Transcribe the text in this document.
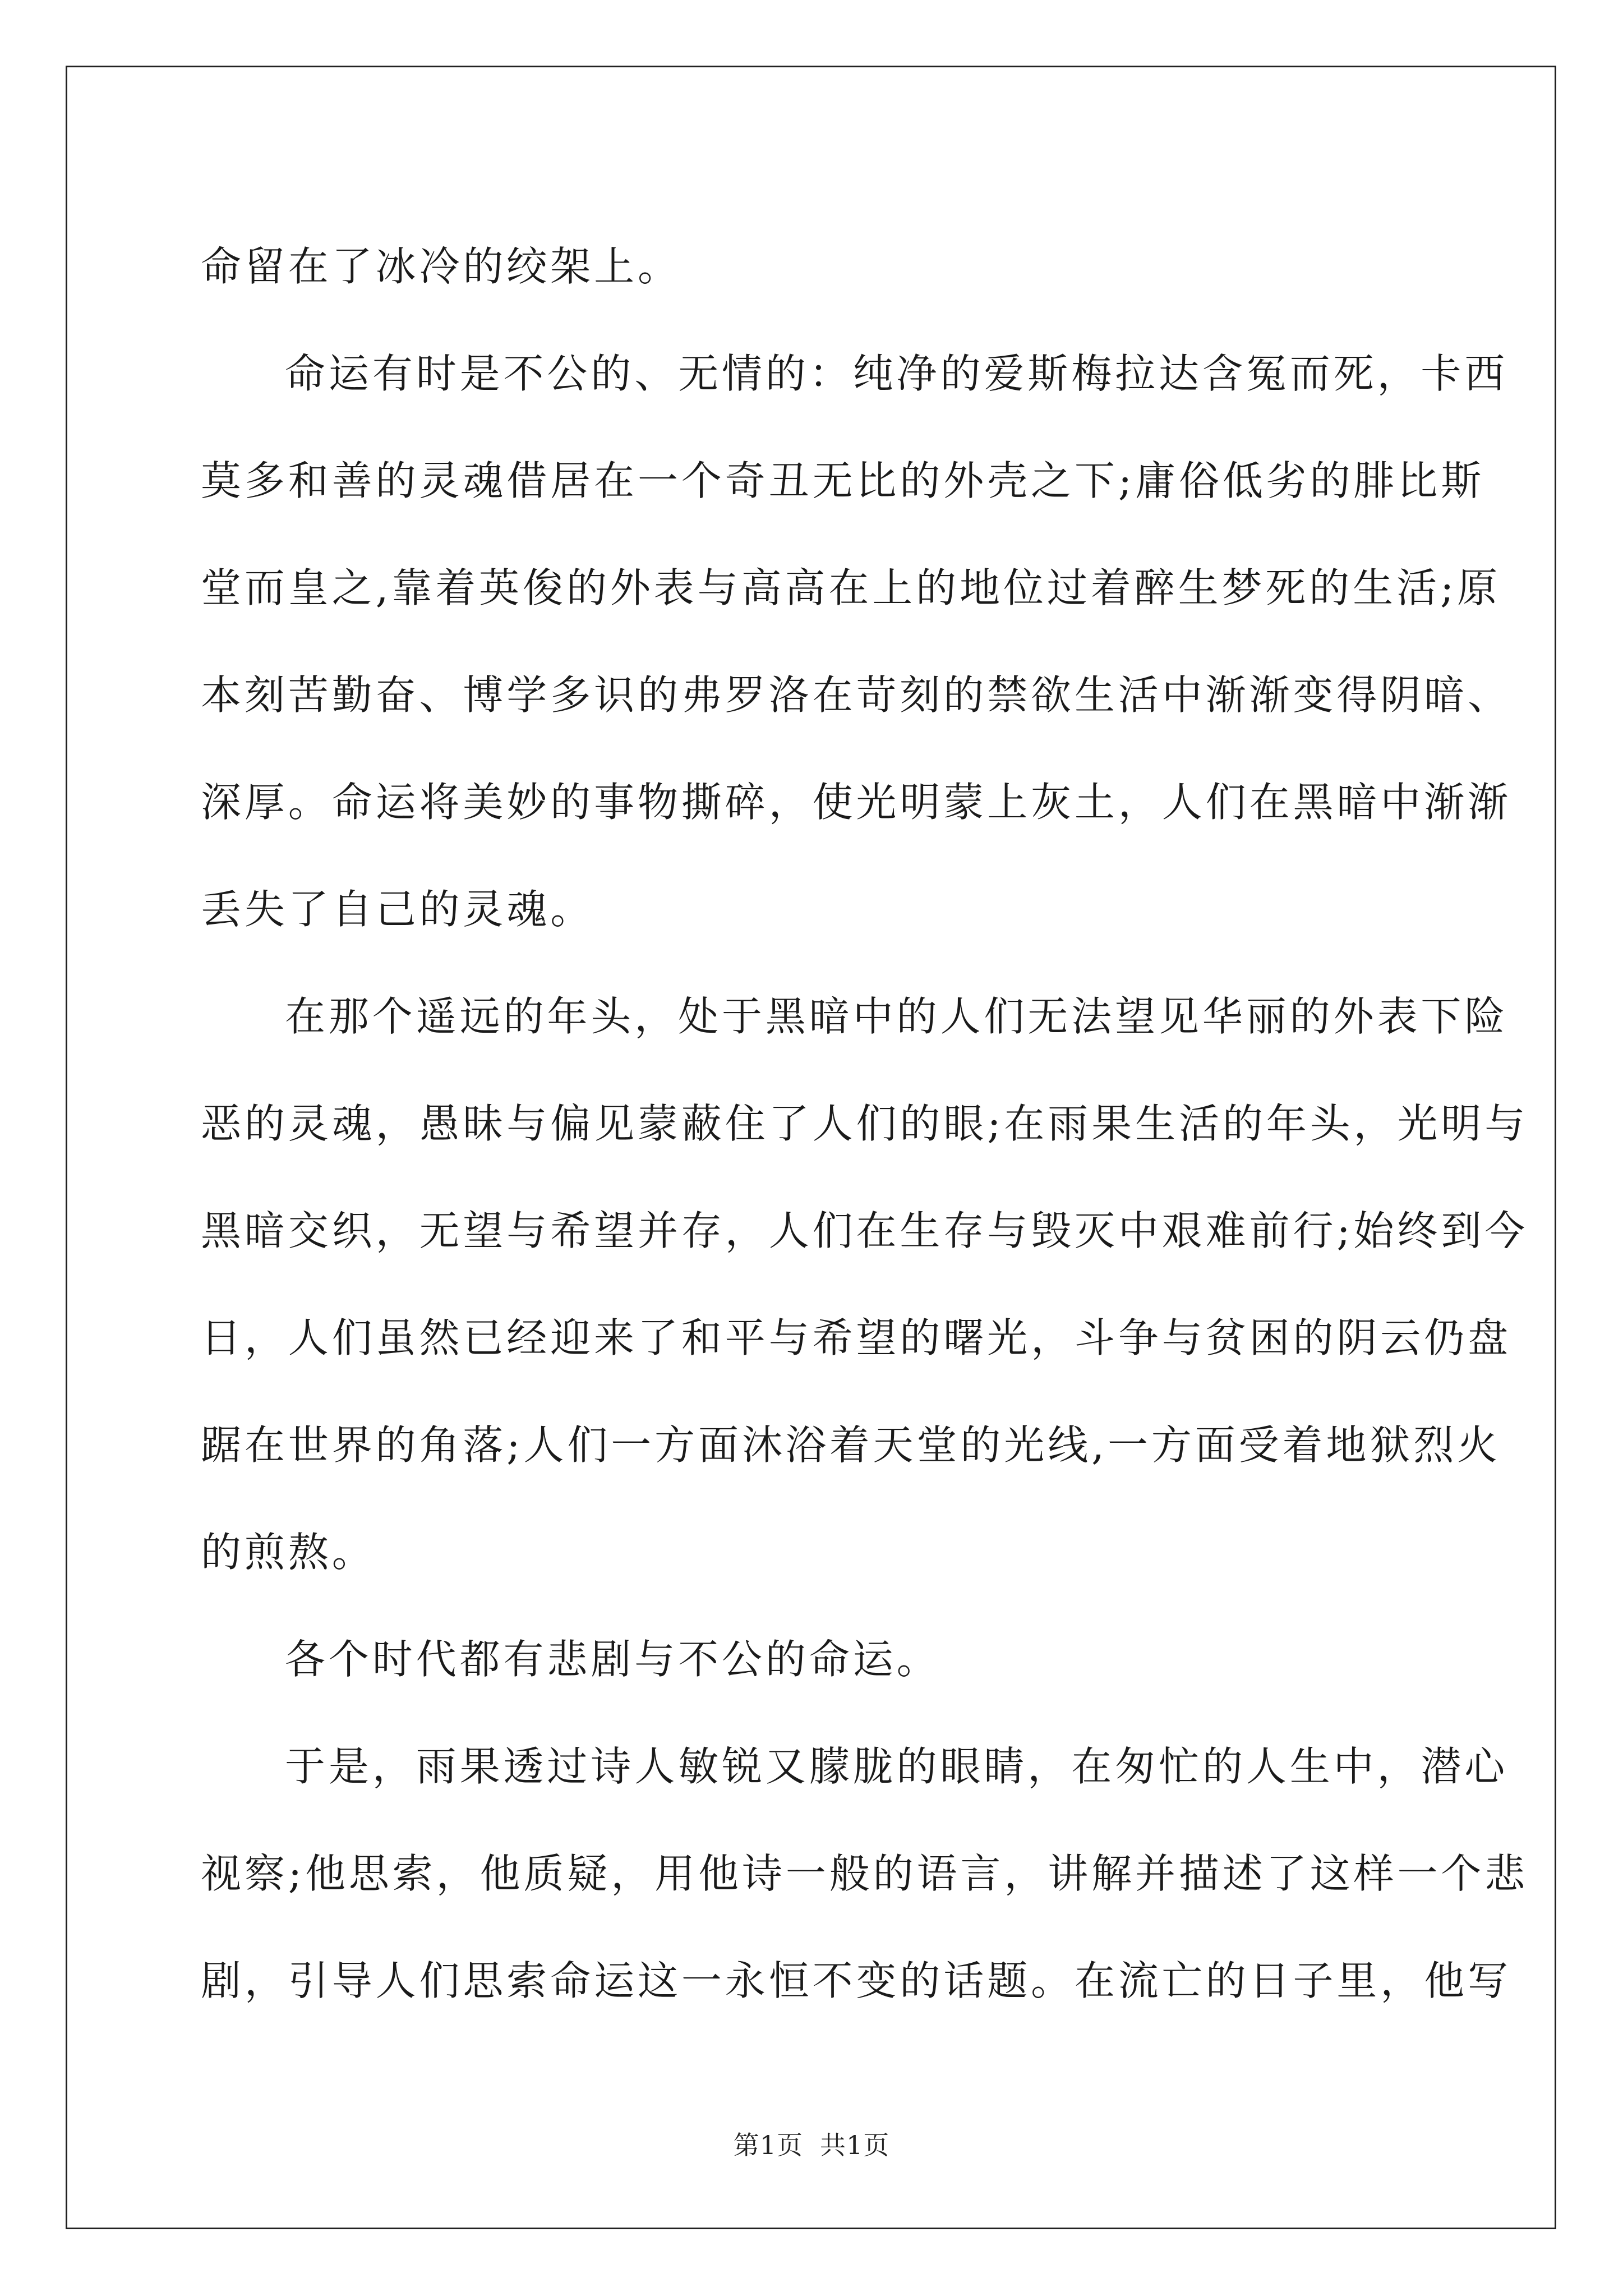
命留在了冰冷的绞架上。
命运有时是不公的、无情的：纯净的爱斯梅拉达含冤而死，卡西
莫多和善的灵魂借居在一个奇丑无比的外壳之下;庸俗低劣的腓比斯
堂而皇之,靠着英俊的外表与高高在上的地位过着醉生梦死的生活;原
本刻苦勤奋、博学多识的弗罗洛在苛刻的禁欲生活中渐渐变得阴暗、
深厚。命运将美妙的事物撕碎，使光明蒙上灰土，人们在黑暗中渐渐
丢失了自己的灵魂。
在那个遥远的年头，处于黑暗中的人们无法望见华丽的外表下险
恶的灵魂，愚昧与偏见蒙蔽住了人们的眼;在雨果生活的年头，光明与
黑暗交织，无望与希望并存，人们在生存与毁灭中艰难前行;始终到今
日，人们虽然已经迎来了和平与希望的曙光，斗争与贫困的阴云仍盘
踞在世界的角落;人们一方面沐浴着天堂的光线,一方面受着地狱烈火
的煎熬。
各个时代都有悲剧与不公的命运。
于是，雨果透过诗人敏锐又朦胧的眼睛，在匆忙的人生中，潜心
视察;他思索，他质疑，用他诗一般的语言，讲解并描述了这样一个悲
剧，引导人们思索命运这一永恒不变的话题。在流亡的日子里，他写
第1页 共1页
